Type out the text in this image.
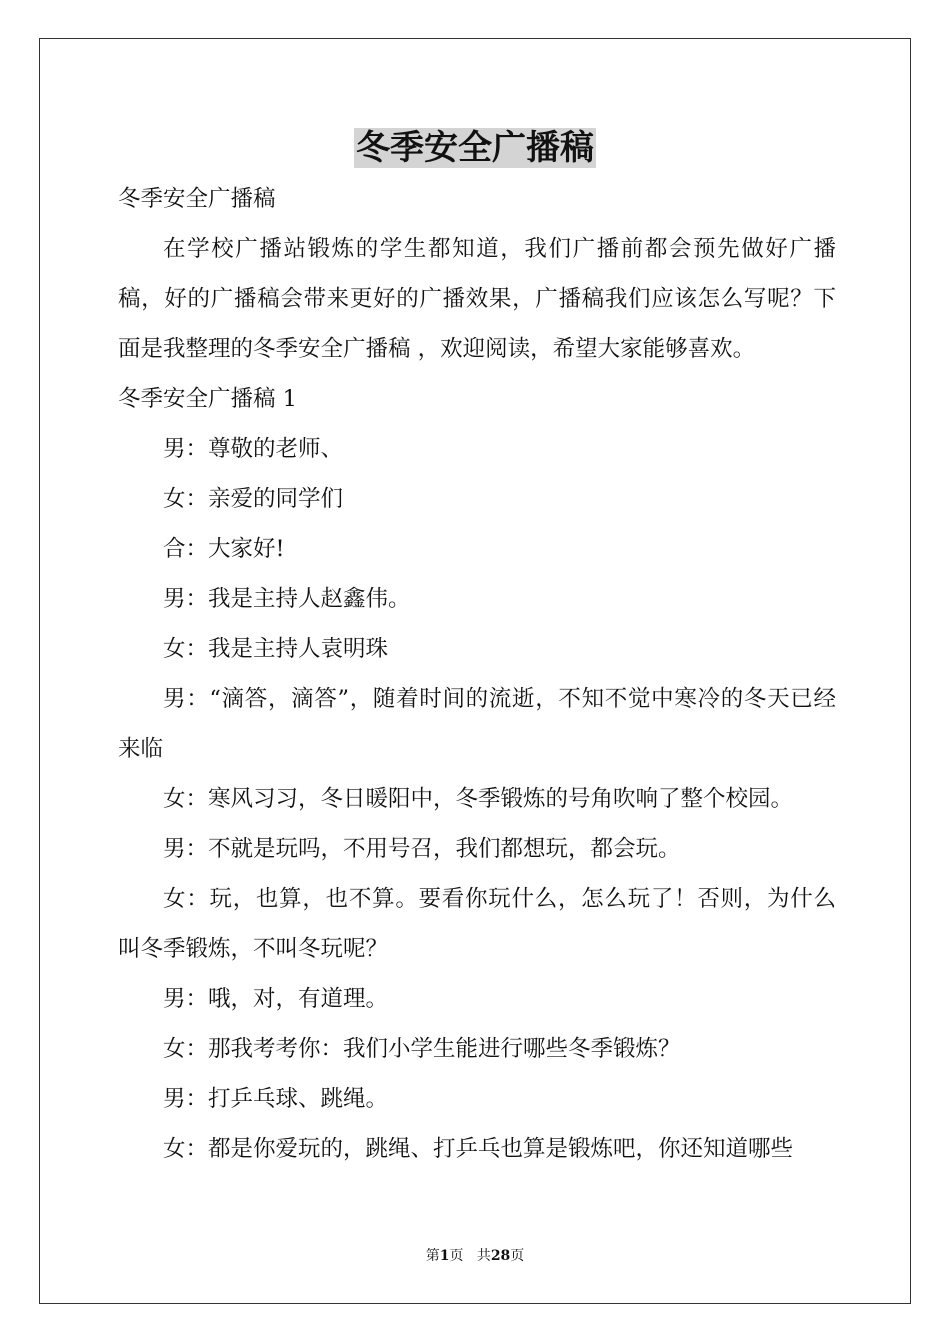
冬季安全广播稿

冬季安全广播稿

在学校广播站锻炼的学生都知道，我们广播前都会预先做好广播稿，好的广播稿会带来更好的广播效果，广播稿我们应该怎么写呢？下面是我整理的冬季安全广播稿 ，欢迎阅读，希望大家能够喜欢。

冬季安全广播稿 1

男：尊敬的老师、

女：亲爱的同学们

合：大家好!

男：我是主持人赵鑫伟。

女：我是主持人袁明珠

男：“滴答，滴答”，随着时间的流逝，不知不觉中寒冷的冬天已经来临

女：寒风习习，冬日暖阳中，冬季锻炼的号角吹响了整个校园。

男：不就是玩吗，不用号召，我们都想玩，都会玩。

女：玩，也算，也不算。要看你玩什么，怎么玩了！否则，为什么叫冬季锻炼，不叫冬玩呢？

男：哦，对，有道理。

女：那我考考你：我们小学生能进行哪些冬季锻炼？

男：打乒乓球、跳绳。

女：都是你爱玩的，跳绳、打乒乓也算是锻炼吧，你还知道哪些

第1页 共28页
